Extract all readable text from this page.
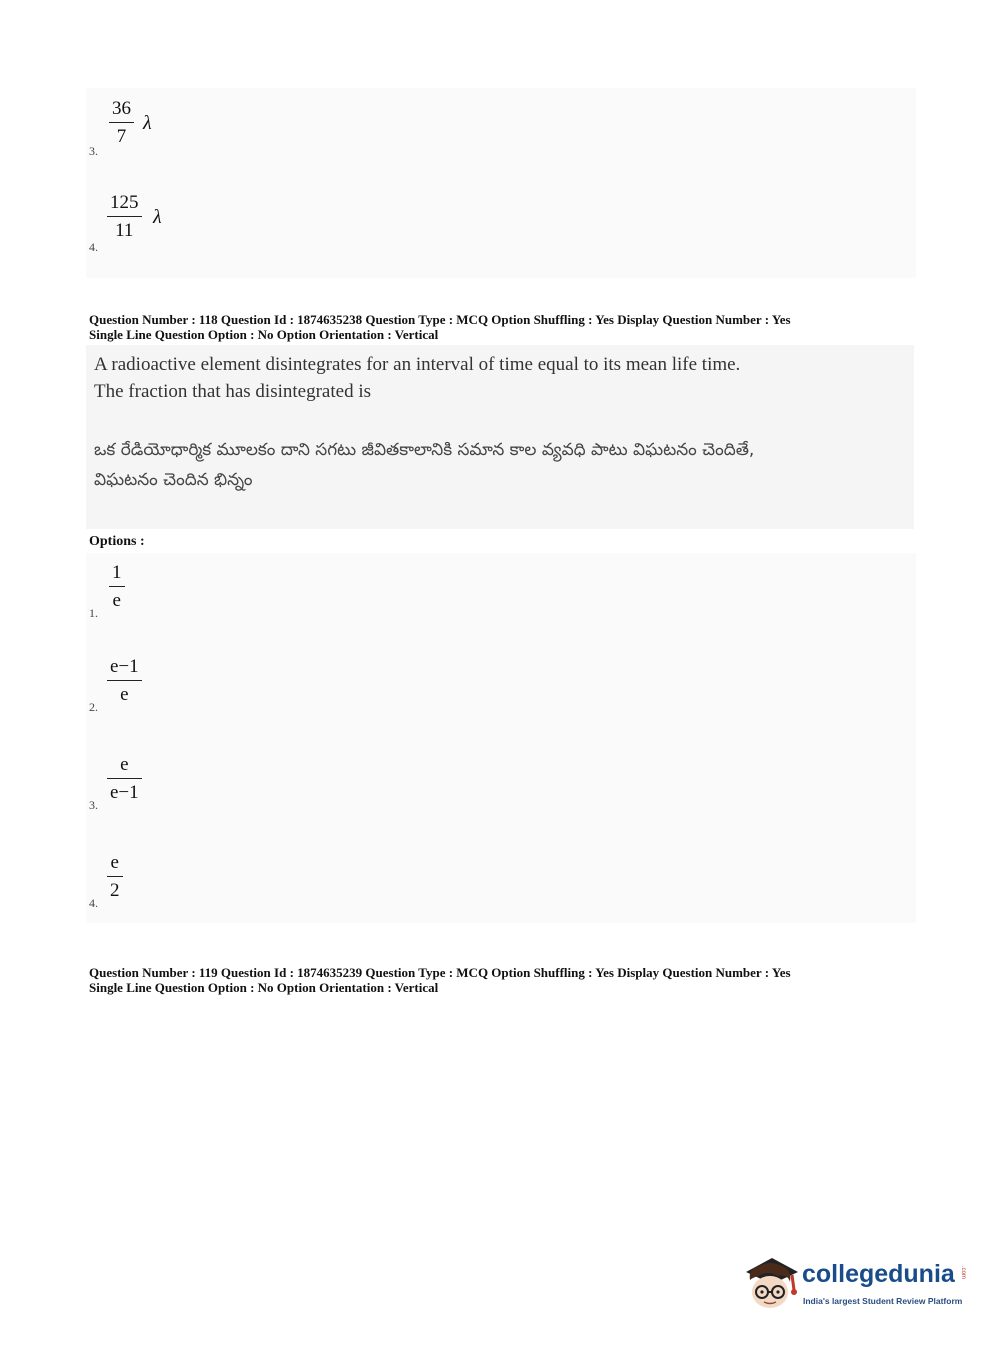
3.
36
7
λ
4.
125
11
λ
Question Number : 118 Question Id : 1874635238 Question Type : MCQ Option Shuffling : Yes Display Question Number : Yes
Single Line Question Option : No Option Orientation : Vertical
A radioactive element disintegrates for an interval of time equal to its mean life time.
The fraction that has disintegrated is
ఒక రేడియోధార్మిక మూలకం దాని సగటు జీవితకాలానికి సమాన కాల వ్యవధి పాటు విఘటనం చెందితే,
విఘటనం చెందిన భిన్నం
Options :
1.
1
e
2.
e−1
e
3.
e
e−1
4.
e
2
Question Number : 119 Question Id : 1874635239 Question Type : MCQ Option Shuffling : Yes Display Question Number : Yes
Single Line Question Option : No Option Orientation : Vertical
collegedunia .com
India's largest Student Review Platform
